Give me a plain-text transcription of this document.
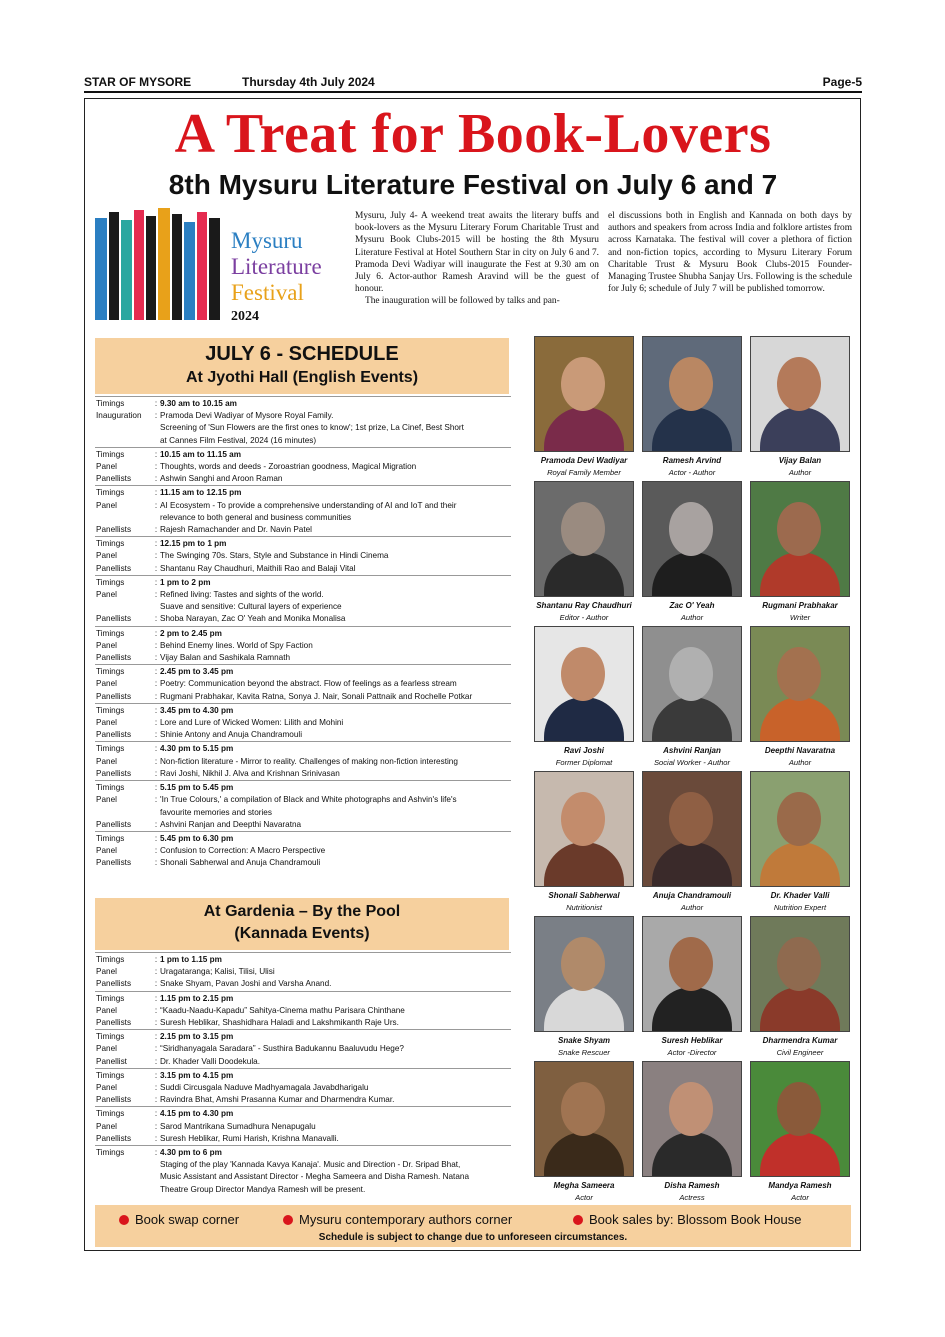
STAR OF MYSORE	Thursday 4th July 2024	Page-5
A Treat for Book-Lovers
8th Mysuru Literature Festival on July 6 and 7
Mysuru
Literature
Festival
2024

Mysuru, July 4- A weekend treat awaits the literary buffs and book-lovers as the Mysuru Literary Forum Charitable Trust and Mysuru Book Clubs-2015 will be hosting the 8th Mysuru Literature Festival at Hotel Southern Star in city on July 6 and 7. Pramoda Devi Wadiyar will inaugurate the Fest at 9.30 am on July 6. Actor-author Ramesh Aravind will be the guest of honour.

The inauguration will be followed by talks and pan-

el discussions both in English and Kannada on both days by authors and speakers from across India and folklore artistes from across Karnataka. The festival will cover a plethora of fiction and non-fiction topics, according to Mysuru Literary Forum Charitable Trust & Mysuru Book Clubs-2015 Founder-Managing Trustee Shubha Sanjay Urs. Following is the schedule for July 6; schedule of July 7 will be published tomorrow.

JULY 6 - SCHEDULE
At Jyothi Hall (English Events)
Timings	: 9.30 am to 10.15 am
Inauguration	: Pramoda Devi Wadiyar of Mysore Royal Family.
Screening of 'Sun Flowers are the first ones to know'; 1st prize, La Cinef, Best Short
at Cannes Film Festival, 2024 (16 minutes)
Timings	: 10.15 am to 11.15 am
Panel	: Thoughts, words and deeds - Zoroastrian goodness, Magical Migration
Panellists	: Ashwin Sanghi and Aroon Raman
Timings	: 11.15 am to 12.15 pm
Panel	: AI Ecosystem - To provide a comprehensive understanding of AI and IoT and their
relevance to both general and business communities
Panellists	: Rajesh Ramachander and Dr. Navin Patel
Timings	: 12.15 pm to 1 pm
Panel	: The Swinging 70s. Stars, Style and Substance in Hindi Cinema
Panellists	: Shantanu Ray Chaudhuri, Maithili Rao and Balaji Vital
Timings	: 1 pm to 2 pm
Panel	: Refined living: Tastes and sights of the world.
Suave and sensitive: Cultural layers of experience
Panellists	: Shoba Narayan, Zac O' Yeah and Monika Monalisa
Timings	: 2 pm to 2.45 pm
Panel	: Behind Enemy lines. World of Spy Faction
Panellists	: Vijay Balan and Sashikala Ramnath
Timings	: 2.45 pm to 3.45 pm
Panel	: Poetry: Communication beyond the abstract. Flow of feelings as a fearless stream
Panellists	: Rugmani Prabhakar, Kavita Ratna, Sonya J. Nair, Sonali Pattnaik and Rochelle Potkar
Timings	: 3.45 pm to 4.30 pm
Panel	: Lore and Lure of Wicked Women: Lilith and Mohini
Panellists	: Shinie Antony and Anuja Chandramouli
Timings	: 4.30 pm to 5.15 pm
Panel	: Non-fiction literature - Mirror to reality. Challenges of making non-fiction interesting
Panellists	: Ravi Joshi, Nikhil J. Alva and Krishnan Srinivasan
Timings	: 5.15 pm to 5.45 pm
Panel	: 'In True Colours,' a compilation of Black and White photographs and Ashvin's life's
favourite memories and stories
Panellists	: Ashvini Ranjan and Deepthi Navaratna
Timings	: 5.45 pm to 6.30 pm
Panel	: Confusion to Correction: A Macro Perspective
Panellists	: Shonali Sabherwal and Anuja Chandramouli
At Gardenia – By the Pool
(Kannada Events)
Timings	: 1 pm to 1.15 pm
Panel	: Uragataranga; Kalisi, Tilisi, Ulisi
Panellists	: Snake Shyam, Pavan Joshi and Varsha Anand.
Timings	: 1.15 pm to 2.15 pm
Panel	: “Kaadu-Naadu-Kapadu” Sahitya-Cinema mathu Parisara Chinthane
Panellists	: Suresh Heblikar, Shashidhara Haladi and Lakshmikanth Raje Urs.
Timings	: 2.15 pm to 3.15 pm
Panel	: “Siridhanyagala Saradara” - Susthira Badukannu Baaluvudu Hege?
Panellist	: Dr. Khader Valli Doodekula.
Timings	: 3.15 pm to 4.15 pm
Panel	: Suddi Circusgala Naduve Madhyamagala Javabdharigalu
Panellists	: Ravindra Bhat, Amshi Prasanna Kumar and Dharmendra Kumar.
Timings	: 4.15 pm to 4.30 pm
Panel	: Sarod Mantrikana Sumadhura Nenapugalu
Panellists	: Suresh Heblikar, Rumi Harish, Krishna Manavalli.
Timings	: 4.30 pm to 6 pm
Staging of the play 'Kannada Kavya Kanaja'. Music and Direction - Dr. Sripad Bhat,
Music Assistant and Assistant Director - Megha Sameera and Disha Ramesh. Natana
Theatre Group Director Mandya Ramesh will be present.
Pramoda Devi Wadiyar
Royal Family Member
Ramesh Arvind
Actor - Author
Vijay Balan
Author
Shantanu Ray Chaudhuri
Editor - Author
Zac O' Yeah
Author
Rugmani Prabhakar
Writer
Ravi Joshi
Former Diplomat
Ashvini Ranjan
Social Worker - Author
Deepthi Navaratna
Author
Shonali Sabherwal
Nutritionist
Anuja Chandramouli
Author
Dr. Khader Valli
Nutrition Expert
Snake Shyam
Snake Rescuer
Suresh Heblikar
Actor -Director
Dharmendra Kumar
Civil Engineer
Megha Sameera
Actor
Disha Ramesh
Actress
Mandya Ramesh
Actor
Book swap corner	Mysuru contemporary authors corner	Book sales by: Blossom Book House
Schedule is subject to change due to unforeseen circumstances.
